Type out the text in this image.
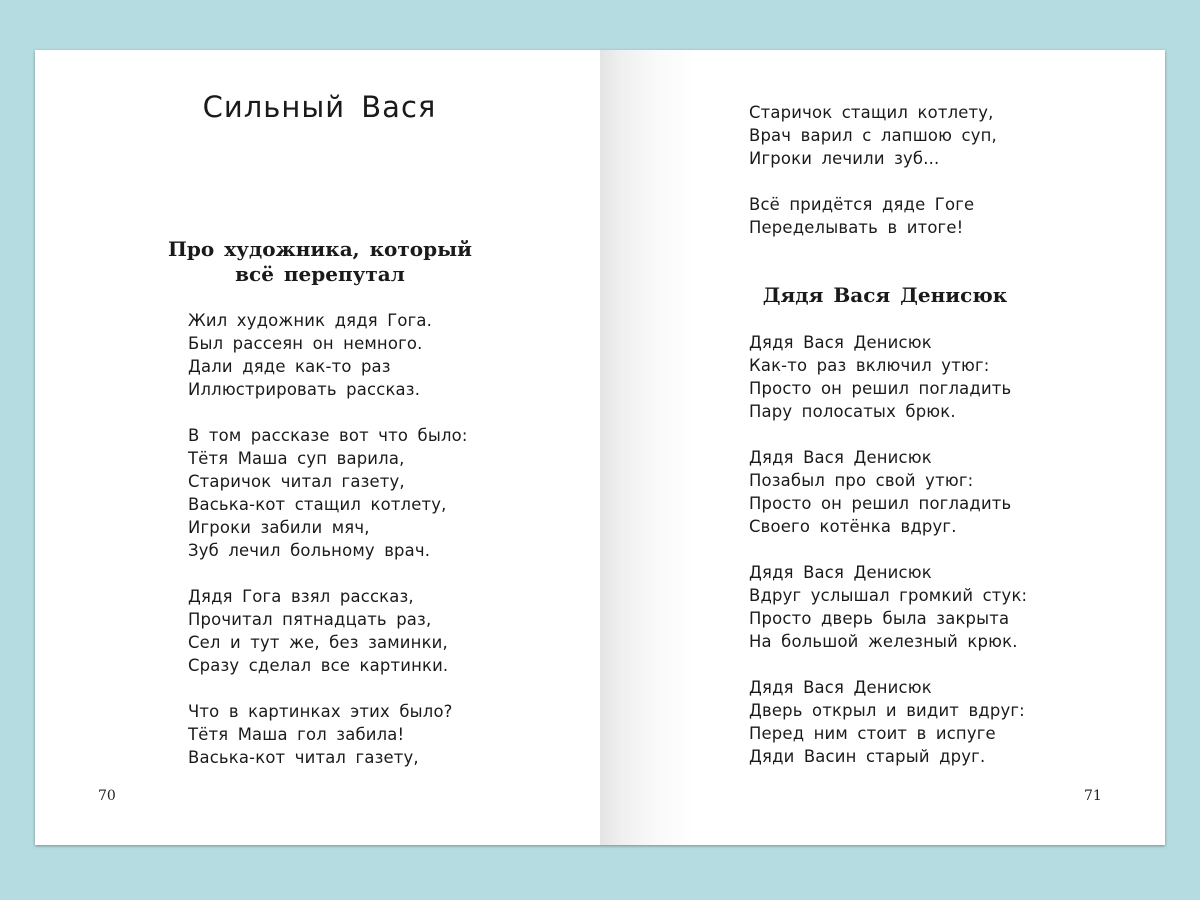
Сильный Вася
Про художника, который
всё перепутал
Жил художник дядя Гога.
Был рассеян он немного.
Дали дяде как-то раз
Иллюстрировать рассказ.
В том рассказе вот что было:
Тётя Маша суп варила,
Старичок читал газету,
Васька-кот стащил котлету,
Игроки забили мяч,
Зуб лечил больному врач.
Дядя Гога взял рассказ,
Прочитал пятнадцать раз,
Сел и тут же, без заминки,
Сразу сделал все картинки.
Что в картинках этих было?
Тётя Маша гол забила!
Васька-кот читал газету,
70
Старичок стащил котлету,
Врач варил с лапшою суп,
Игроки лечили зуб...
Всё придётся дяде Гоге
Переделывать в итоге!
Дядя Вася Денисюк
Дядя Вася Денисюк
Как-то раз включил утюг:
Просто он решил погладить
Пару полосатых брюк.
Дядя Вася Денисюк
Позабыл про свой утюг:
Просто он решил погладить
Своего котёнка вдруг.
Дядя Вася Денисюк
Вдруг услышал громкий стук:
Просто дверь была закрыта
На большой железный крюк.
Дядя Вася Денисюк
Дверь открыл и видит вдруг:
Перед ним стоит в испуге
Дяди Васин старый друг.
71
